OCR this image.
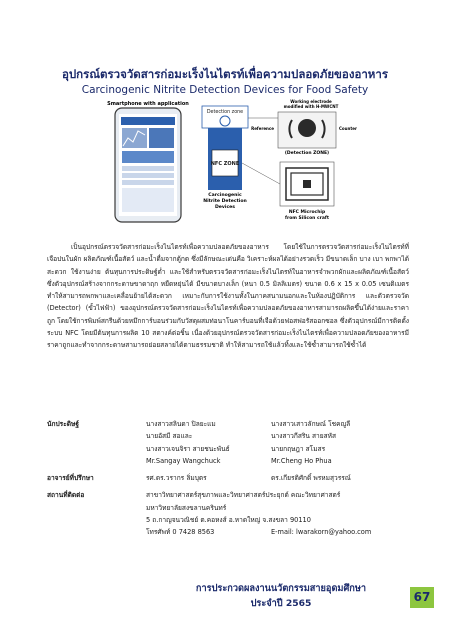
อุปกรณ์ตรวจวัดสารก่อมะเร็งไนไตรท์เพื่อความปลอดภัยของอาหาร
Carcinogenic Nitrite Detection Devices for Food Safety
Smartphone with application
Detection zone
NFC ZONE
Carcinogenic
Nitrite Detection
Devices
Working electrode
modified with H-MWCNT
Reference	Counter
(Detection ZONE)
NFC Microchip
from Silicon craft

เป็นอุปกรณ์ตรวจวัดสารก่อมะเร็งไนไตรท์เพื่อความปลอดภัยของอาหาร โดยใช้ในการตรวจวัดสารก่อมะเร็งไนไตรท์ที่เจือปนในผัก ผลิตภัณฑ์เนื้อสัตว์ และน้ำดื่มจากตู้กด ซึ่งมีลักษณะเด่นคือ วิเคราะห์ผลได้อย่างรวดเร็ว มีขนาดเล็ก บาง เบา พกพาได้สะดวก ใช้งานง่าย ต้นทุนการประดิษฐ์ต่ำ และใช้สำหรับตรวจวัดสารก่อมะเร็งไนไตรท์ในอาหารจำพวกผักและผลิตภัณฑ์เนื้อสัตว์ ซึ่งตัวอุปกรณ์สร้างจากกระดาษขาดาฤก หยืดหยุ่นได้ มีขนาดบางเล็ก (หนา 0.5 มิลลิเมตร) ขนาด 0.6 x 15 x 0.05 เซนติเมตร ทำให้สามารถพกพาและเคลื่อนย้ายได้สะดวก เหมาะกับการใช้งานทั้งในภาคสนามนอกและในห้องปฏิบัติการ และตัวตรวจวัด (Detector) (ขั้วไฟฟ้า) ของอุปกรณ์ตรวจวัดสารก่อมะเร็งไนไตรท์เพื่อความปลอดภัยของอาหารสามารถผลิตขึ้นได้ง่ายและราคาถูก โดยใช้การพิมพ์สกรีนด้วยหมึกการ์บอนร่วมกับวัสดุผสมท่อนาโนคาร์บอนที่เจือด้วยฟอสฟอรัสออกซอล ซึ่งตัวอุปกรณ์มีการติดตั้งระบบ NFC โดยมีต้นทุนการผลิต 10 สตางค์ต่อชิ้น เนื่องด้วยอุปกรณ์ตรวจวัดสารก่อมะเร็งไนไตรท์เพื่อความปลอดภัยของอาหารมีราคาถูกและทำจากกระดาษสามารถย่อยสลายได้ตามธรรมชาติ ทำให้สามารถใช้แล้วทิ้งและใช้ซ้ำสามารถใช้ซ้ำได้

นักประดิษฐ์	นางสาวสลินดา ปิลยะแม	นางสาวเสาวลักษณ์ โชคญูลี
นายอัสมี สอและ	นางสาวกีสริน สายสหัส
นางสาวเจนจิรา สายชนะพันธ์	นายกฤษฎา สโมสร
Mr.Sangay Wangchuck	Mr.Cheng Ho Phua
อาจารย์ที่ปรึกษา	รศ.ดร.วรากร ลิ่มบุตร	ดร.เกียรติศักดิ์ พรหมสุวรรณ์
สถานที่ติดต่อ	สาขาวิทยาศาสตร์สุขภาพและวิทยาศาสตร์ประยุกต์ คณะวิทยาศาสตร์
มหาวิทยาลัยสงขลานครินทร์
5 ถ.กาญจนวณิชย์ ต.คอหงส์ อ.หาดใหญ่ จ.สงขลา 90110
โทรศัพท์ 0 7428 8563	E-mail: lwarakorn@yahoo.com
การประกวดผลงานนวัตกรรมสายอุดมศึกษา
ประจำปี 2565	67
